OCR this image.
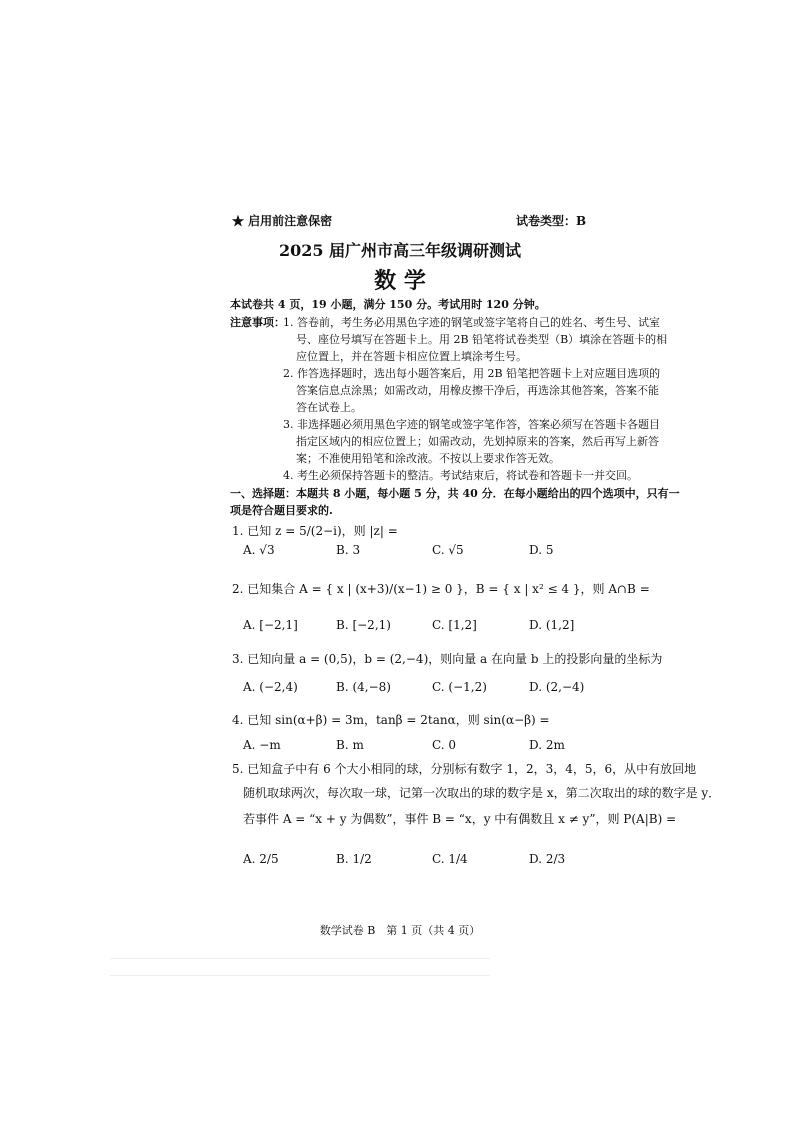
★ 启用前注意保密	试卷类型：B
2025 届广州市高三年级调研测试
数 学
本试卷共 4 页，19 小题，满分 150 分。考试用时 120 分钟。
注意事项：
1. 答卷前，考生务必用黑色字迹的钢笔或签字笔将自己的姓名、考生号、试室
号、座位号填写在答题卡上。用 2B 铅笔将试卷类型（B）填涂在答题卡的相
应位置上，并在答题卡相应位置上填涂考生号。
2. 作答选择题时，选出每小题答案后，用 2B 铅笔把答题卡上对应题目选项的
答案信息点涂黑；如需改动，用橡皮擦干净后，再选涂其他答案，答案不能
答在试卷上。
3. 非选择题必须用黑色字迹的钢笔或签字笔作答，答案必须写在答题卡各题目
指定区域内的相应位置上；如需改动，先划掉原来的答案，然后再写上新答
案；不准使用铅笔和涂改液。不按以上要求作答无效。
4. 考生必须保持答题卡的整洁。考试结束后，将试卷和答题卡一并交回。
一、选择题：本题共 8 小题，每小题 5 分，共 40 分．在每小题给出的四个选项中，只有一
项是符合题目要求的.
1. 已知 z = 5/(2−i)，则 |z| =
A. √3	B. 3	C. √5	D. 5
2. 已知集合 A = { x | (x+3)/(x−1) ≥ 0 }，B = { x | x² ≤ 4 }，则 A∩B =
A. [−2,1]	B. [−2,1)	C. [1,2]	D. (1,2]
3. 已知向量 a = (0,5)，b = (2,−4)，则向量 a 在向量 b 上的投影向量的坐标为
A. (−2,4)	B. (4,−8)	C. (−1,2)	D. (2,−4)
4. 已知 sin(α+β) = 3m，tanβ = 2tanα，则 sin(α−β) =
A. −m	B. m	C. 0	D. 2m
5. 已知盒子中有 6 个大小相同的球，分别标有数字 1，2，3，4，5，6，从中有放回地
随机取球两次，每次取一球，记第一次取出的球的数字是 x，第二次取出的球的数字是 y．
若事件 A = “x + y 为偶数”，事件 B = “x，y 中有偶数且 x ≠ y”，则 P(A|B) =
A. 2/5	B. 1/2	C. 1/4	D. 2/3
数学试卷 B　第 1 页（共 4 页）
